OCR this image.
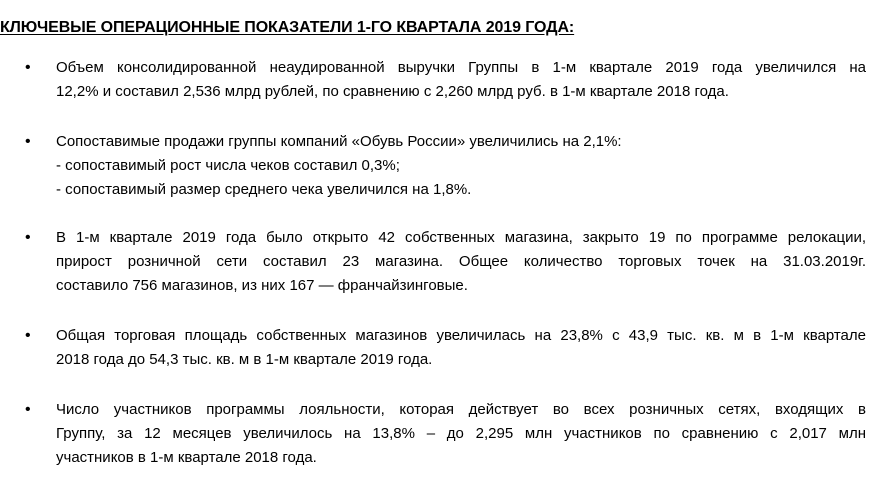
КЛЮЧЕВЫЕ ОПЕРАЦИОННЫЕ ПОКАЗАТЕЛИ 1-ГО КВАРТАЛА 2019 ГОДА:
• Объем консолидированной неаудированной выручки Группы в 1-м квартале 2019 года увеличился на
12,2% и составил 2,536 млрд рублей, по сравнению с 2,260 млрд руб. в 1-м квартале 2018 года.
• Сопоставимые продажи группы компаний «Обувь России» увеличились на 2,1%:
- сопоставимый рост числа чеков составил 0,3%;
- сопоставимый размер среднего чека увеличился на 1,8%.
• В 1-м квартале 2019 года было открыто 42 собственных магазина, закрыто 19 по программе релокации,
прирост розничной сети составил 23 магазина. Общее количество торговых точек на 31.03.2019г.
составило 756 магазинов, из них 167 — франчайзинговые.
• Общая торговая площадь собственных магазинов увеличилась на 23,8% с 43,9 тыс. кв. м в 1-м квартале
2018 года до 54,3 тыс. кв. м в 1-м квартале 2019 года.
• Число участников программы лояльности, которая действует во всех розничных сетях, входящих в
Группу, за 12 месяцев увеличилось на 13,8% – до 2,295 млн участников по сравнению с 2,017 млн
участников в 1-м квартале 2018 года.
